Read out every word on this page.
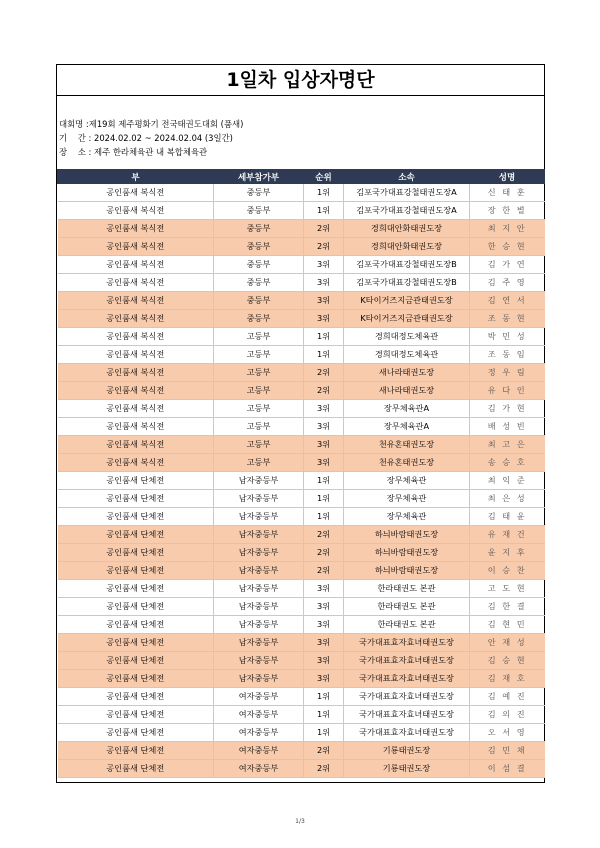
1일차 입상자명단
대회명 :제19회 제주평화기 전국태권도대회 (품새)
기    간 : 2024.02.02 ~ 2024.02.04 (3일간)
장    소 : 제주 한라체육관 내 복합체육관
부	세부참가부	순위	소속	성명
공인품새 복식전	중등부	1위	김포국가대표강철태권도장A	신 태 훈
공인품새 복식전	중등부	1위	김포국가대표강철태권도장A	장 한 별
공인품새 복식전	중등부	2위	경희대안화태권도장	최 지 안
공인품새 복식전	중등부	2위	경희대안화태권도장	한 승 현
공인품새 복식전	중등부	3위	김포국가대표강철태권도장B	김 가 연
공인품새 복식전	중등부	3위	김포국가대표강철태권도장B	김 주 영
공인품새 복식전	중등부	3위	K타이거즈지금관태권도장	김 연 서
공인품새 복식전	중등부	3위	K타이거즈지금관태권도장	조 동 현
공인품새 복식전	고등부	1위	경희대정도체육관	박 민 성
공인품새 복식전	고등부	1위	경희대정도체육관	조 동 임
공인품새 복식전	고등부	2위	새나라태권도장	정 우 림
공인품새 복식전	고등부	2위	새나라태권도장	유 다 인
공인품새 복식전	고등부	3위	장무체육관A	김 가 현
공인품새 복식전	고등부	3위	장무체육관A	배 성 빈
공인품새 복식전	고등부	3위	천유혼태권도장	최 고 은
공인품새 복식전	고등부	3위	천유혼태권도장	송 승 호
공인품새 단체전	남자중등부	1위	장무체육관	최 익 준
공인품새 단체전	남자중등부	1위	장무체육관	최 은 성
공인품새 단체전	남자중등부	1위	장무체육관	김 태 윤
공인품새 단체전	남자중등부	2위	하늬바람태권도장	유 재 건
공인품새 단체전	남자중등부	2위	하늬바람태권도장	윤 지 후
공인품새 단체전	남자중등부	2위	하늬바람태권도장	이 승 찬
공인품새 단체전	남자중등부	3위	한라태권도 본관	고 도 현
공인품새 단체전	남자중등부	3위	한라태권도 본관	김 한 결
공인품새 단체전	남자중등부	3위	한라태권도 본관	김 현 민
공인품새 단체전	남자중등부	3위	국가대표효자효녀태권도장	안 재 성
공인품새 단체전	남자중등부	3위	국가대표효자효녀태권도장	김 승 현
공인품새 단체전	남자중등부	3위	국가대표효자효녀태권도장	김 재 호
공인품새 단체전	여자중등부	1위	국가대표효자효녀태권도장	김 예 진
공인품새 단체전	여자중등부	1위	국가대표효자효녀태권도장	김 의 진
공인품새 단체전	여자중등부	1위	국가대표효자효녀태권도장	오 서 영
공인품새 단체전	여자중등부	2위	기룡태권도장	김 민 채
공인품새 단체전	여자중등부	2위	기룡태권도장	이 섬 결
1/3
